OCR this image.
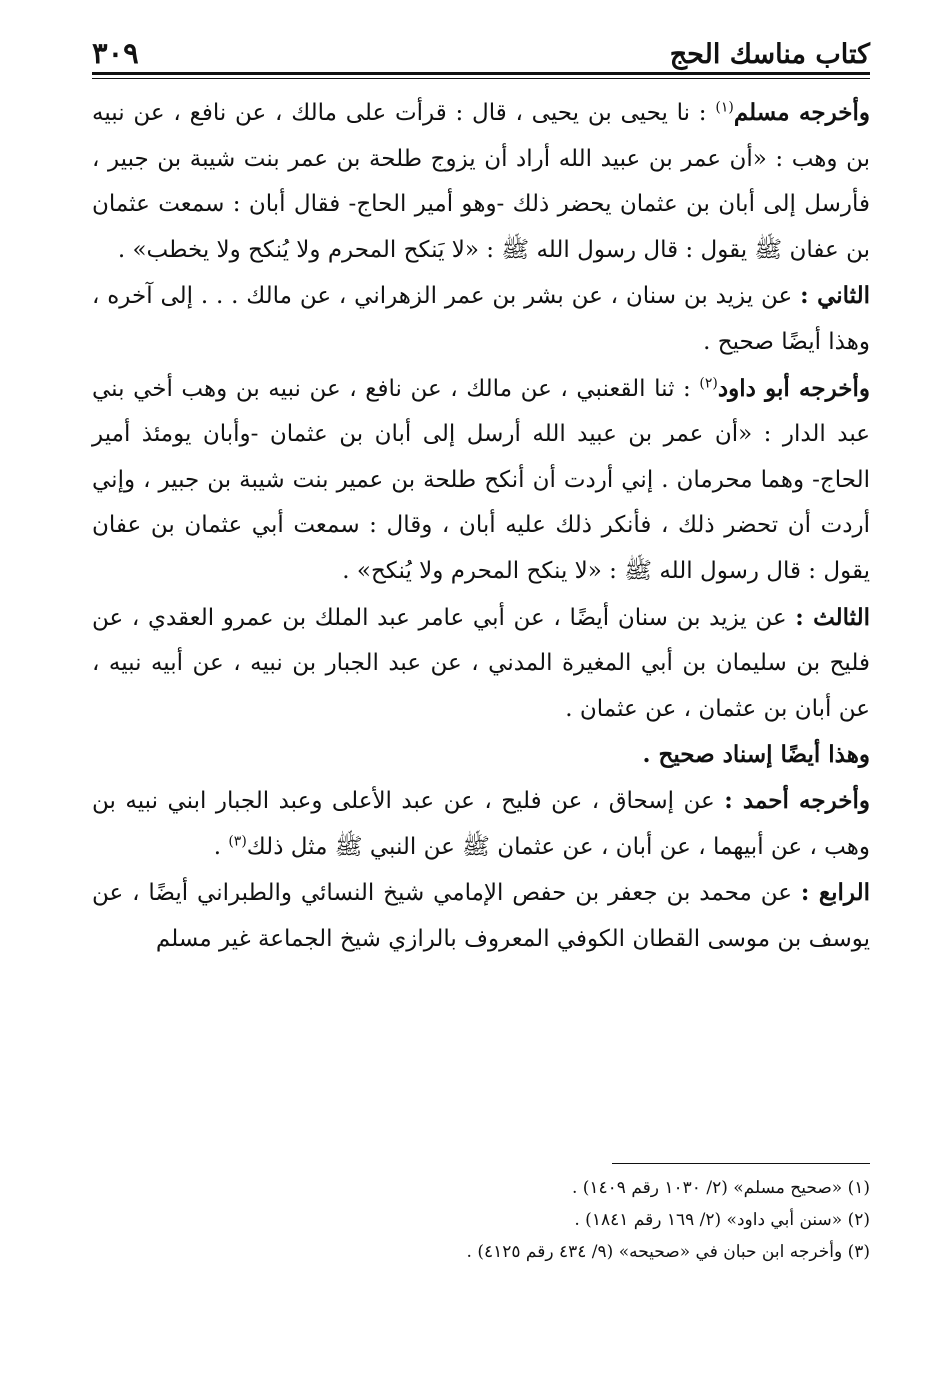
كتاب مناسك الحج
٣٠٩

وأخرجه مسلم$^{(١)}$ : نا يحيى بن يحيى ، قال : قرأت على مالك ، عن نافع ، عن نبيه بن وهب : «أن عمر بن عبيد الله أراد أن يزوج طلحة بن عمر بنت شيبة بن جبير ، فأرسل إلى أبان بن عثمان يحضر ذلك -وهو أمير الحاج- فقال أبان : سمعت عثمان بن عفان ﷺ يقول : قال رسول الله ﷺ : «لا يَنكح المحرم ولا يُنكح ولا يخطب» .

الثاني : عن يزيد بن سنان ، عن بشر بن عمر الزهراني ، عن مالك . . . إلى آخره ، وهذا أيضًا صحيح .

وأخرجه أبو داود$^{(٢)}$ : ثنا القعنبي ، عن مالك ، عن نافع ، عن نبيه بن وهب أخي بني عبد الدار : «أن عمر بن عبيد الله أرسل إلى أبان بن عثمان -وأبان يومئذ أمير الحاج- وهما محرمان . إني أردت أن أنكح طلحة بن عمير بنت شيبة بن جبير ، وإني أردت أن تحضر ذلك ، فأنكر ذلك عليه أبان ، وقال : سمعت أبي عثمان بن عفان يقول : قال رسول الله ﷺ : «لا ينكح المحرم ولا يُنكح» .

الثالث : عن يزيد بن سنان أيضًا ، عن أبي عامر عبد الملك بن عمرو العقدي ، عن فليح بن سليمان بن أبي المغيرة المدني ، عن عبد الجبار بن نبيه ، عن أبيه نبيه ، عن أبان بن عثمان ، عن عثمان .

وهذا أيضًا إسناد صحيح .

وأخرجه أحمد : عن إسحاق ، عن فليح ، عن عبد الأعلى وعبد الجبار ابني نبيه بن وهب ، عن أبيهما ، عن أبان ، عن عثمان ﷺ عن النبي ﷺ مثل ذلك$^{(٣)}$ .

الرابع : عن محمد بن جعفر بن حفص الإمامي شيخ النسائي والطبراني أيضًا ، عن يوسف بن موسى القطان الكوفي المعروف بالرازي شيخ الجماعة غير مسلم

(١) «صحيح مسلم» (٢/ ١٠٣٠ رقم ١٤٠٩) .

(٢) «سنن أبي داود» (٢/ ١٦٩ رقم ١٨٤١) .

(٣) وأخرجه ابن حبان في «صحيحه» (٩/ ٤٣٤ رقم ٤١٢٥) .
